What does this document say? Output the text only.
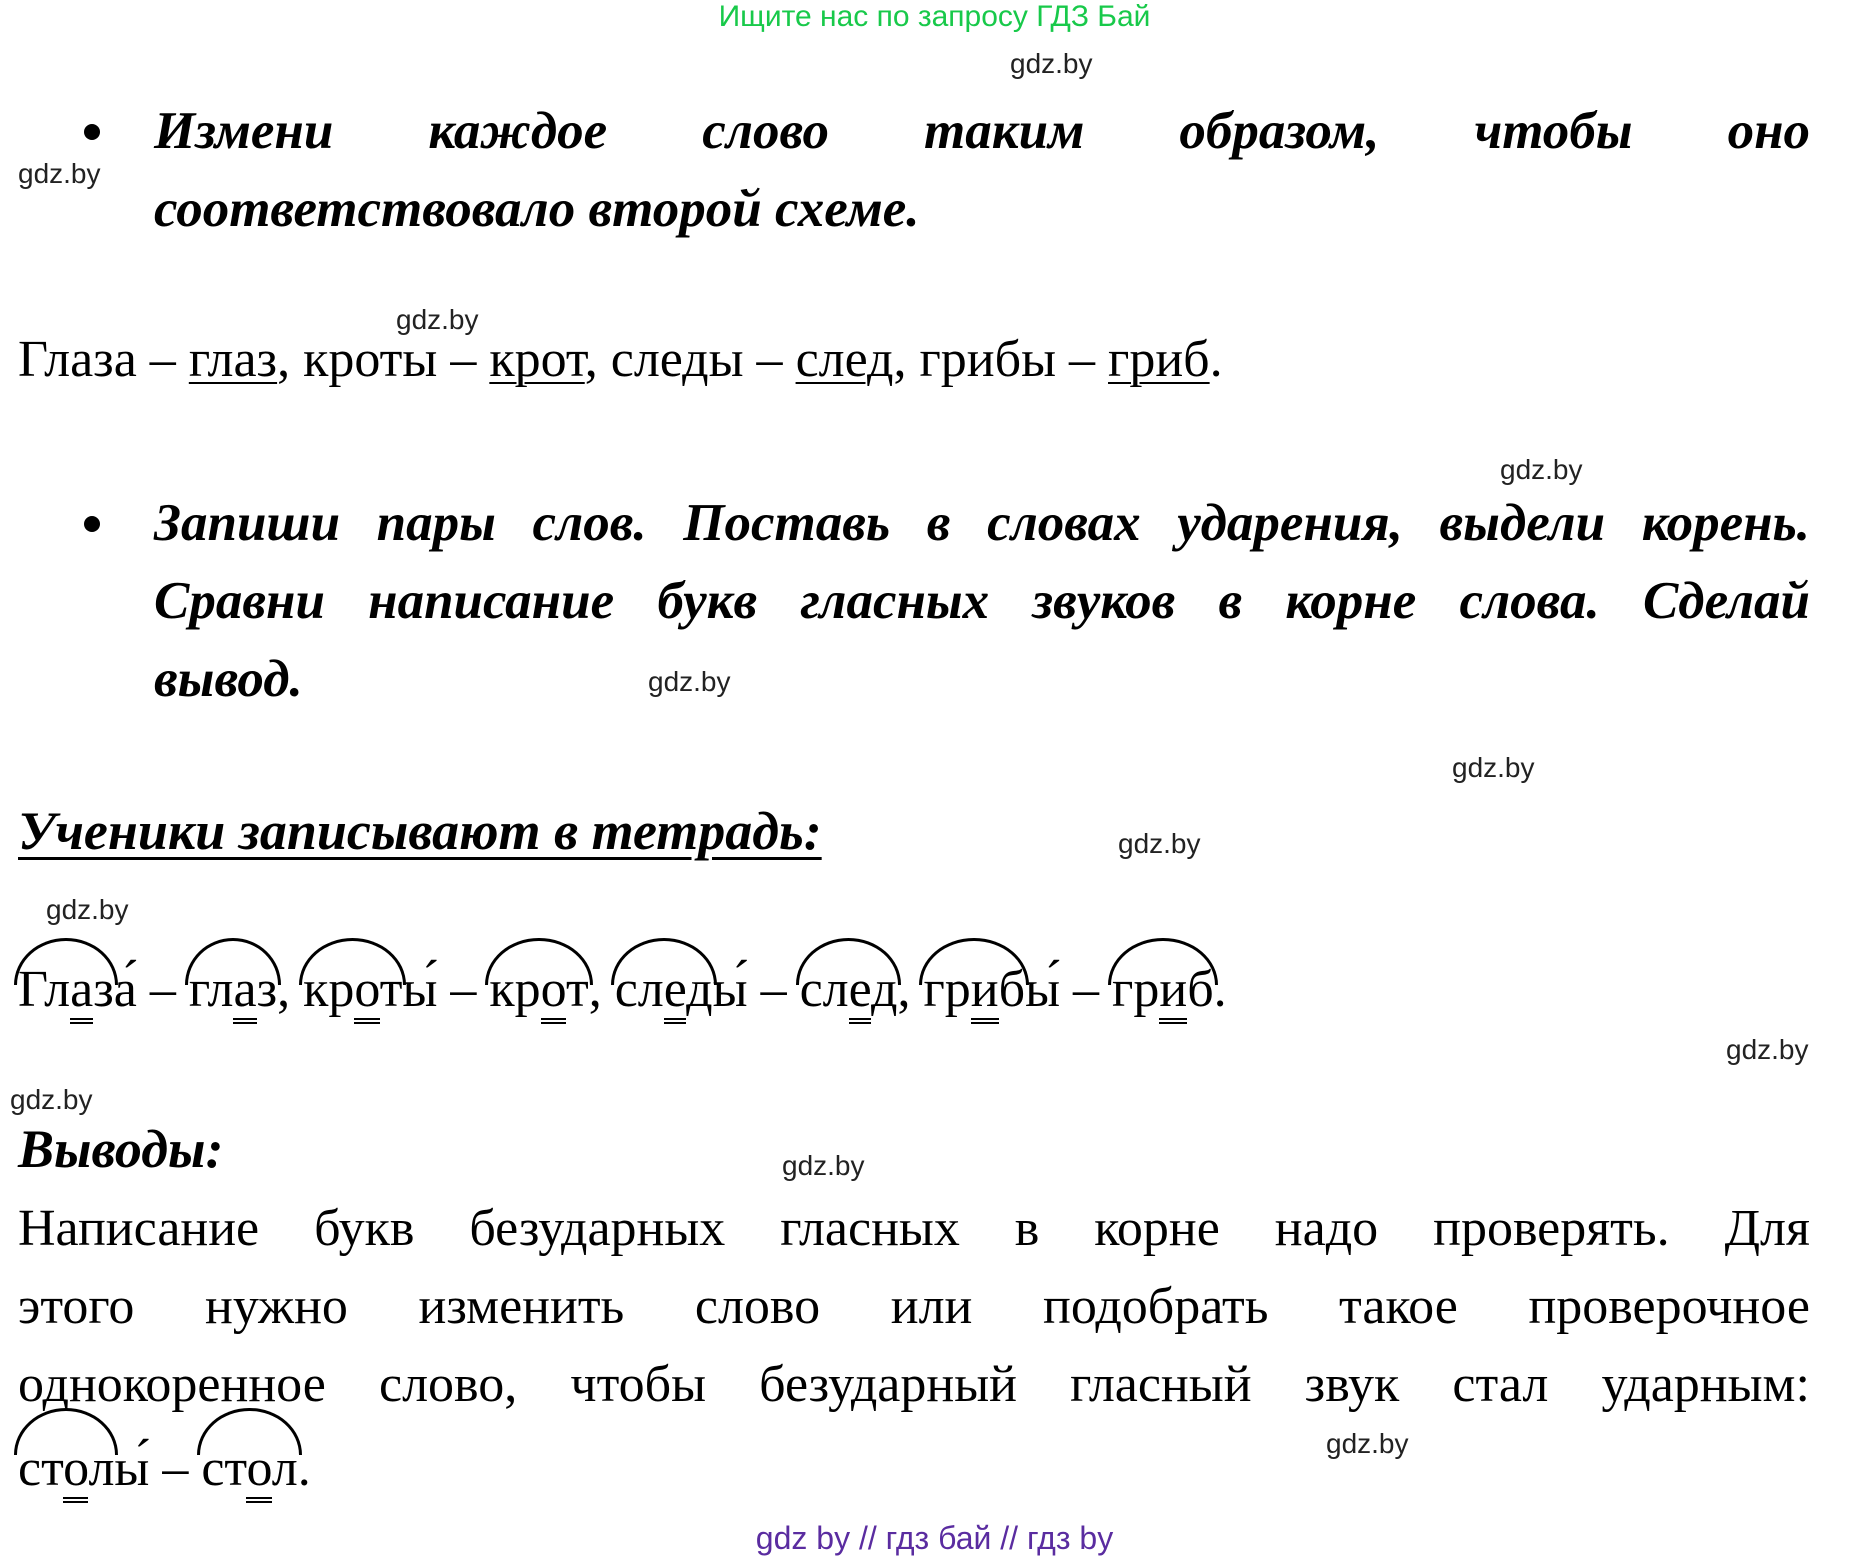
Ищите нас по запросу ГДЗ Бай
gdz.by
gdz.by
gdz.by
gdz.by
gdz.by
gdz.by
gdz.by
gdz.by
gdz.by
gdz.by
gdz.by
gdz.by
Измени каждое слово таким образом, чтобы оно
соответствовало второй схеме.
Глаза – глаз, кроты – крот, следы – след, грибы – гриб.
Запиши пары слов. Поставь в словах ударения, выдели корень.
Сравни написание букв гласных звуков в корне слова. Сделай
вывод.
Ученики записывают в тетрадь:
Глаза ́ –
глаз,
кроты ́ –
крот,
следы ́ –
след,
грибы ́ –
гриб.
Выводы:
Написание букв безударных гласных в корне надо проверять. Для
этого нужно изменить слово или подобрать такое проверочное
однокоренное слово, чтобы безударный гласный звук стал ударным:
столы ́ –
стол.
gdz by // гдз бай // гдз by
